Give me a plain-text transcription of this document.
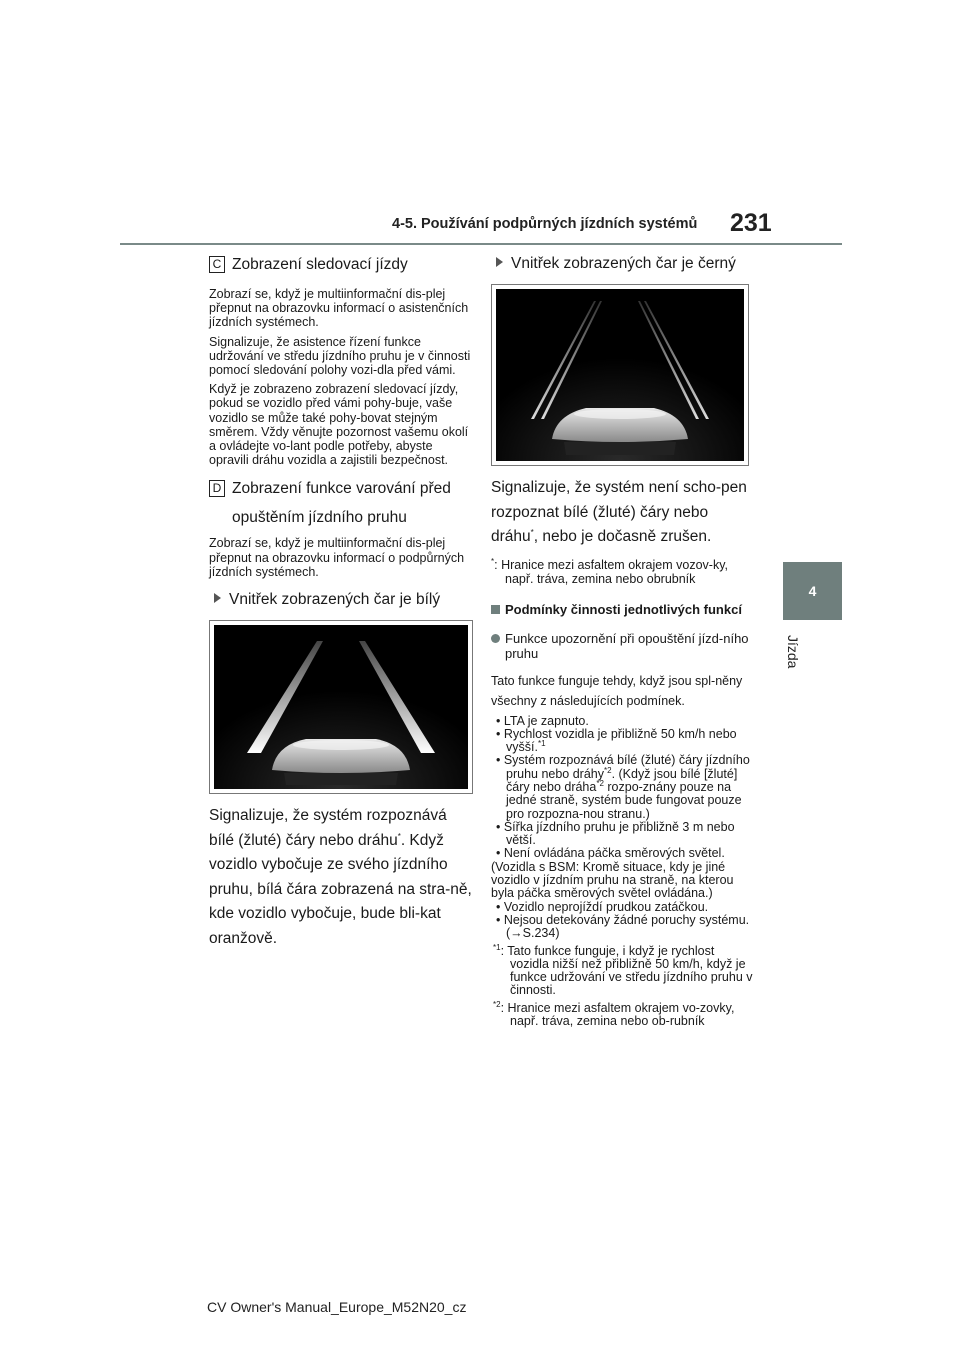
4-5. Používání podpůrných jízdních systémů 231
4
Jízda
C Zobrazení sledovací jízdy

Zobrazí se, když je multiinformační dis-plej přepnut na obrazovku informací o asistenčních jízdních systémech.

Signalizuje, že asistence řízení funkce udržování ve středu jízdního pruhu je v činnosti pomocí sledování polohy vozi-dla před vámi.

Když je zobrazeno zobrazení sledovací jízdy, pokud se vozidlo před vámi pohy-buje, vaše vozidlo se může také pohy-bovat stejným směrem. Vždy věnujte pozornost vašemu okolí a ovládejte vo-lant podle potřeby, abyste opravili dráhu vozidla a zajistili bezpečnost.

D Zobrazení funkce varování před
opuštěním jízdního pruhu

Zobrazí se, když je multiinformační dis-plej přepnut na obrazovku informací o podpůrných jízdních systémech.

Vnitřek zobrazených čar je bílý

Signalizuje, že systém rozpoznává bílé (žluté) čáry nebo dráhu*. Když vozidlo vybočuje ze svého jízdního pruhu, bílá čára zobrazená na stra-ně, kde vozidlo vybočuje, bude bli-kat oranžově.

Vnitřek zobrazených čar je černý

Signalizuje, že systém není scho-pen rozpoznat bílé (žluté) čáry nebo dráhu*, nebo je dočasně zrušen.

*: Hranice mezi asfaltem okrajem vozov-ky, např. tráva, zemina nebo obrubník

Podmínky činnosti jednotlivých funkcí
Funkce upozornění při opouštění jízd-ního pruhu

Tato funkce funguje tehdy, když jsou spl-něny všechny z následujících podmínek.

• LTA je zapnuto.
• Rychlost vozidla je přibližně 50 km/h nebo vyšší.$^{*1}$
• Systém rozpoznává bílé (žluté) čáry jízdního pruhu nebo dráhy$^{*2}$. (Když jsou bílé [žluté] čáry nebo dráha$^{*2}$ rozpo-znány pouze na jedné straně, systém bude fungovat pouze pro rozpozna-nou stranu.)
• Šířka jízdního pruhu je přibližně 3 m nebo větší.
• Není ovládána páčka směrových světel.
(Vozidla s BSM: Kromě situace, kdy je jiné vozidlo v jízdním pruhu na straně, na kterou byla páčka směrových světel ovládána.)
• Vozidlo neprojíždí prudkou zatáčkou.
• Nejsou detekovány žádné poruchy systému. (→S.234)
$^{*1}$: Tato funkce funguje, i když je rychlost vozidla nižší než přibližně 50 km/h, když je funkce udržování ve středu jízdního pruhu v činnosti.
$^{*2}$: Hranice mezi asfaltem okrajem vo-zovky, např. tráva, zemina nebo ob-rubník
CV Owner's Manual_Europe_M52N20_cz
